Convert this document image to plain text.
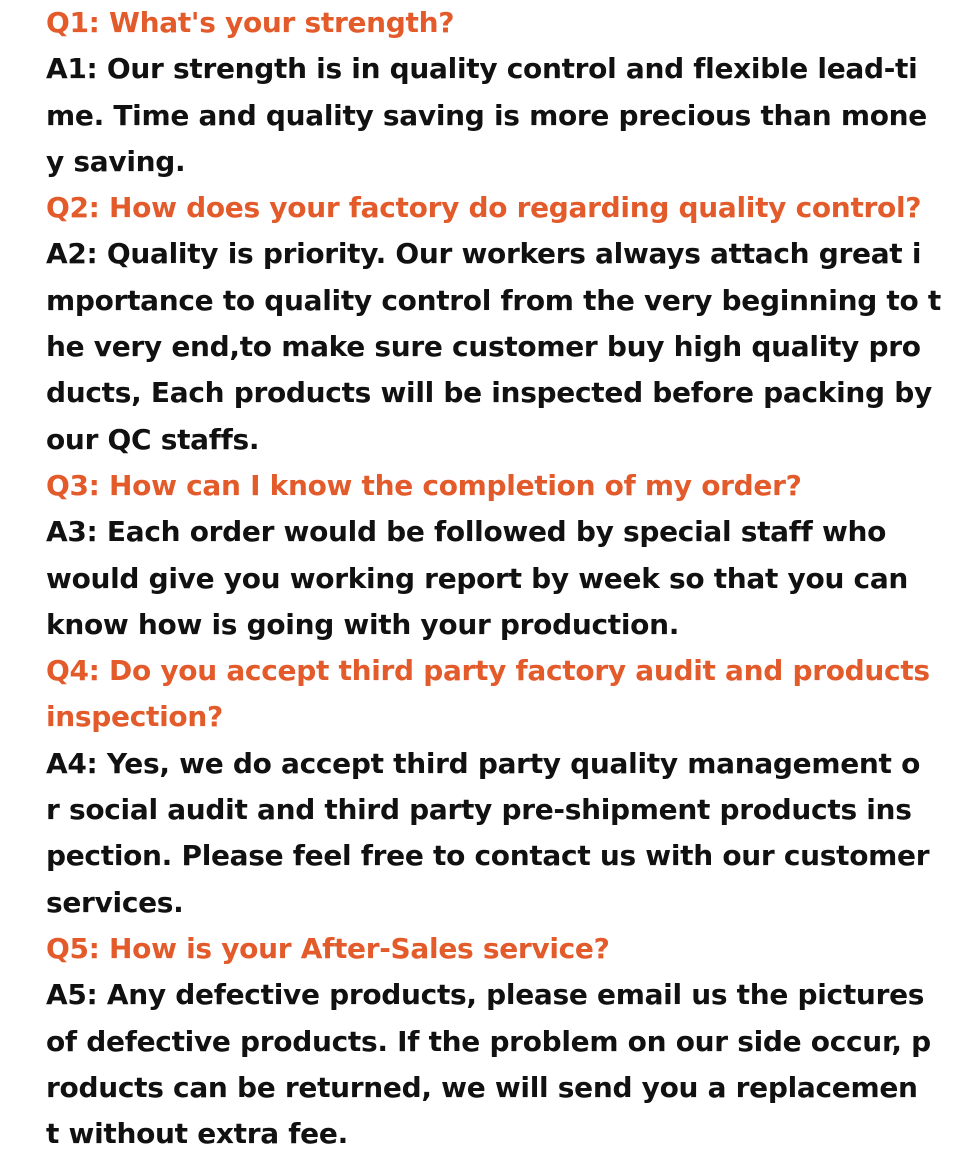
Q1: What's your strength?

A1: Our strength is in quality control and flexible lead-ti

me. Time and quality saving is more precious than mone

y saving.

Q2: How does your factory do regarding quality control?

A2: Quality is priority. Our workers always attach great i

mportance to quality control from the very beginning to t

he very end,to make sure customer buy high quality pro

ducts, Each products will be inspected before packing by

our QC staffs.

Q3: How can I know the completion of my order?

A3: Each order would be followed by special staff who

would give you working report by week so that you can

know how is going with your production.

Q4: Do you accept third party factory audit and products

inspection?

A4: Yes, we do accept third party quality management o

r social audit and third party pre-shipment products ins

pection. Please feel free to contact us with our customer

services.

Q5: How is your After-Sales service?

A5: Any defective products, please email us the pictures

of defective products. If the problem on our side occur, p

roducts can be returned, we will send you a replacemen

t without extra fee.
